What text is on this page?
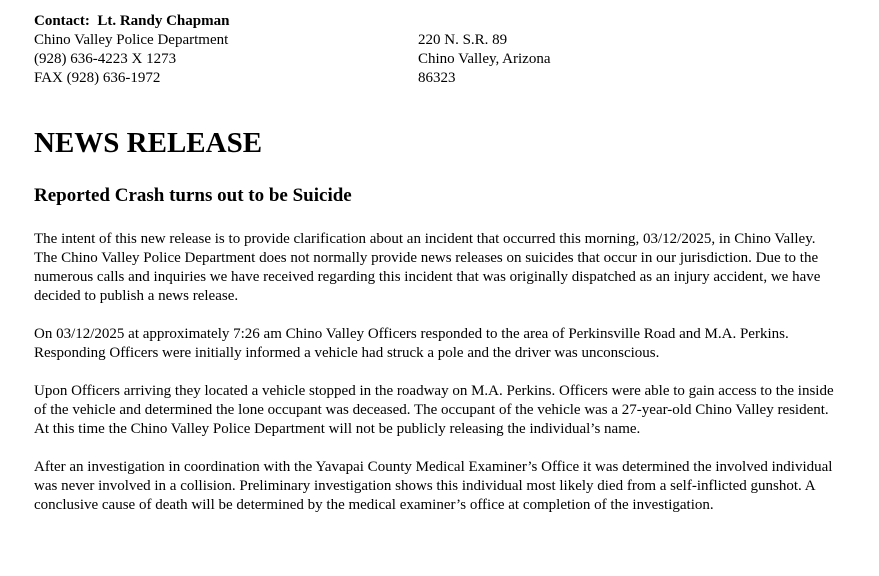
Contact: Lt. Randy Chapman
Chino Valley Police Department
(928) 636-4223 X 1273
FAX (928) 636-1972
220 N. S.R. 89
Chino Valley, Arizona
86323
NEWS RELEASE
Reported Crash turns out to be Suicide

The intent of this new release is to provide clarification about an incident that occurred this morning, 03/12/2025, in Chino Valley. The Chino Valley Police Department does not normally provide news releases on suicides that occur in our jurisdiction. Due to the numerous calls and inquiries we have received regarding this incident that was originally dispatched as an injury accident, we have decided to publish a news release.

On 03/12/2025 at approximately 7:26 am Chino Valley Officers responded to the area of Perkinsville Road and M.A. Perkins. Responding Officers were initially informed a vehicle had struck a pole and the driver was unconscious.

Upon Officers arriving they located a vehicle stopped in the roadway on M.A. Perkins. Officers were able to gain access to the inside of the vehicle and determined the lone occupant was deceased. The occupant of the vehicle was a 27-year-old Chino Valley resident. At this time the Chino Valley Police Department will not be publicly releasing the individual’s name.

After an investigation in coordination with the Yavapai County Medical Examiner’s Office it was determined the involved individual was never involved in a collision. Preliminary investigation shows this individual most likely died from a self-inflicted gunshot. A conclusive cause of death will be determined by the medical examiner’s office at completion of the investigation.
